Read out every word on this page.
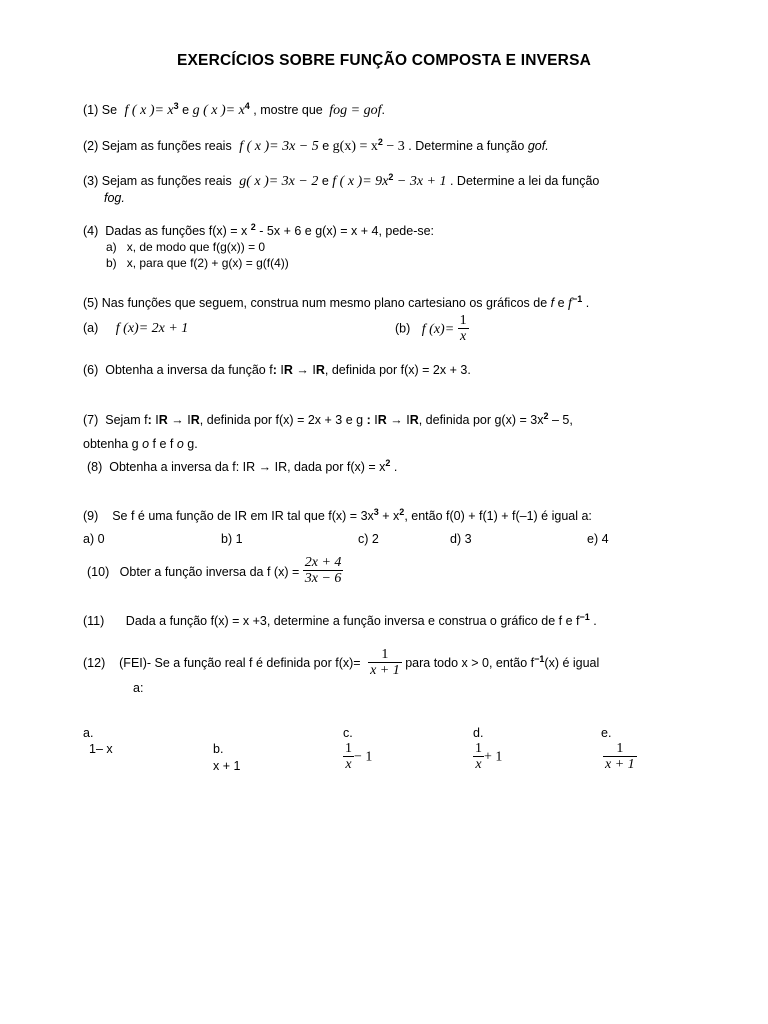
EXERCÍCIOS SOBRE FUNÇÃO COMPOSTA E INVERSA
(1) Se f ( x )= $x^3$ e g ( x )= $x^4$ , mostre que fog = gof.
(2) Sejam as funções reais f ( x )= 3x − 5 e $g(x) = x^2 - 3$ . Determine a função gof.
(3) Sejam as funções reais g( x )= 3x − 2 e f ( x )= $9x^2 - 3x + 1$ . Determine a lei da função
fog.
(4) Dadas as funções f(x) = x $^2$ - 5x + 6 e g(x) = x + 4, pede-se:
a) x, de modo que f(g(x)) = 0
b) x, para que f(2) + g(x) = g(f(4))
(5) Nas funções que seguem, construa num mesmo plano cartesiano os gráficos de f e $f^{-1}$ .
(a) f (x)= 2x + 1	(b) f $(x)= \frac{1}{x}$
(6) Obtenha a inversa da função f: IR → IR, definida por f(x) = 2x + 3.
(7) Sejam f: IR → IR, definida por f(x) = 2x + 3 e g : IR → IR, definida por $g(x) = 3x^2 - 5$,
obtenha g o f e f o g.
(8) Obtenha a inversa da f: IR → IR, dada por $f(x) = x^2$ .
(9) Se f é uma função de IR em IR tal que $f(x) = 3x^3 + x^2$, então f(0) + f(1) + f(–1) é igual a:
a) 0	b) 1	c) 2	d) 3	e) 4
(10) Obter a função inversa da f $(x) = \frac{2x + 4}{3x - 6}$
(11) Dada a função f(x) = x +3, determine a função inversa e construa o gráfico de f e $f^{-1}$ .
(12) (FEI)- Se a função real f é definida por $f(x)= \frac{1}{x + 1}$ para todo x > 0, então $f^{-1}(x)$ é igual
a:
a.
1– x	b.
x + 1
c.
$\frac{1}{x} - 1$
d.
$\frac{1}{x} + 1$
e.
$\frac{1}{x + 1}$
